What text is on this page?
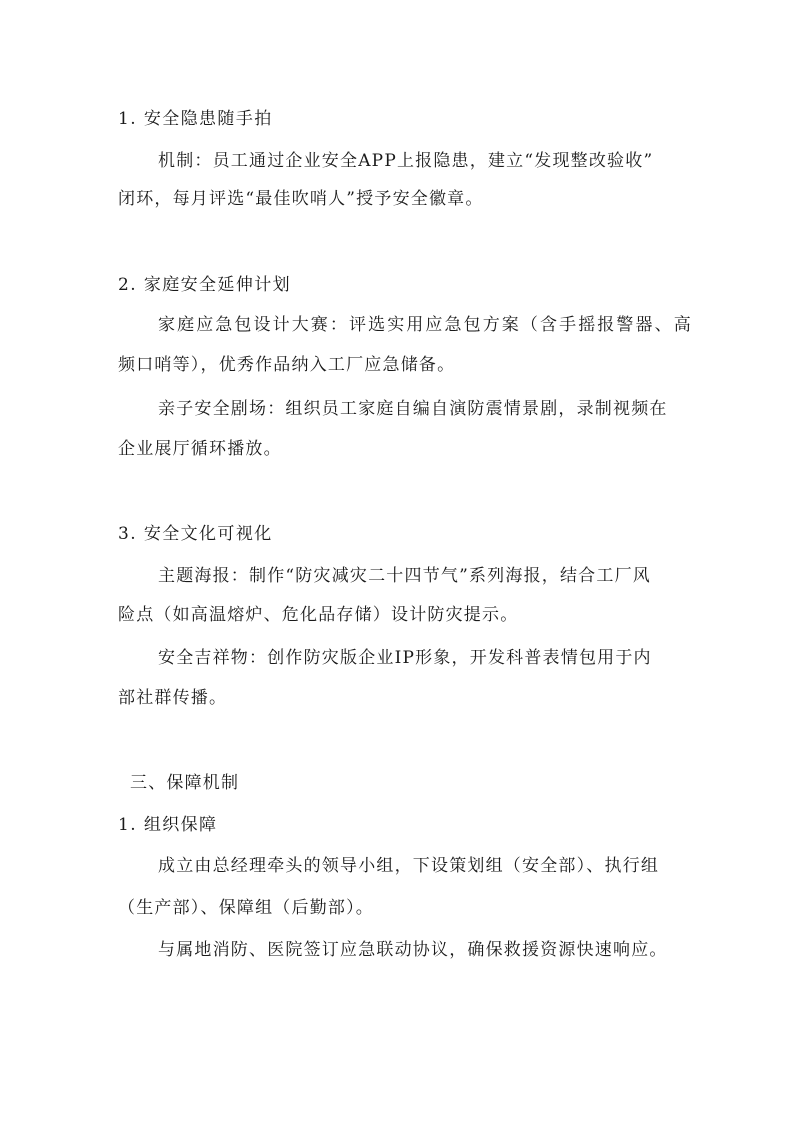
1. 安全隐患随手拍
机制：员工通过企业安全APP上报隐患，建立“发现整改验收”
闭环，每月评选“最佳吹哨人”授予安全徽章。
2. 家庭安全延伸计划
家庭应急包设计大赛：评选实用应急包方案（含手摇报警器、高
频口哨等），优秀作品纳入工厂应急储备。
亲子安全剧场：组织员工家庭自编自演防震情景剧，录制视频在
企业展厅循环播放。
3. 安全文化可视化
主题海报：制作“防灾减灾二十四节气”系列海报，结合工厂风
险点（如高温熔炉、危化品存储）设计防灾提示。
安全吉祥物：创作防灾版企业IP形象，开发科普表情包用于内
部社群传播。
三、保障机制
1. 组织保障
成立由总经理牵头的领导小组，下设策划组（安全部）、执行组
（生产部）、保障组（后勤部）。
与属地消防、医院签订应急联动协议，确保救援资源快速响应。
